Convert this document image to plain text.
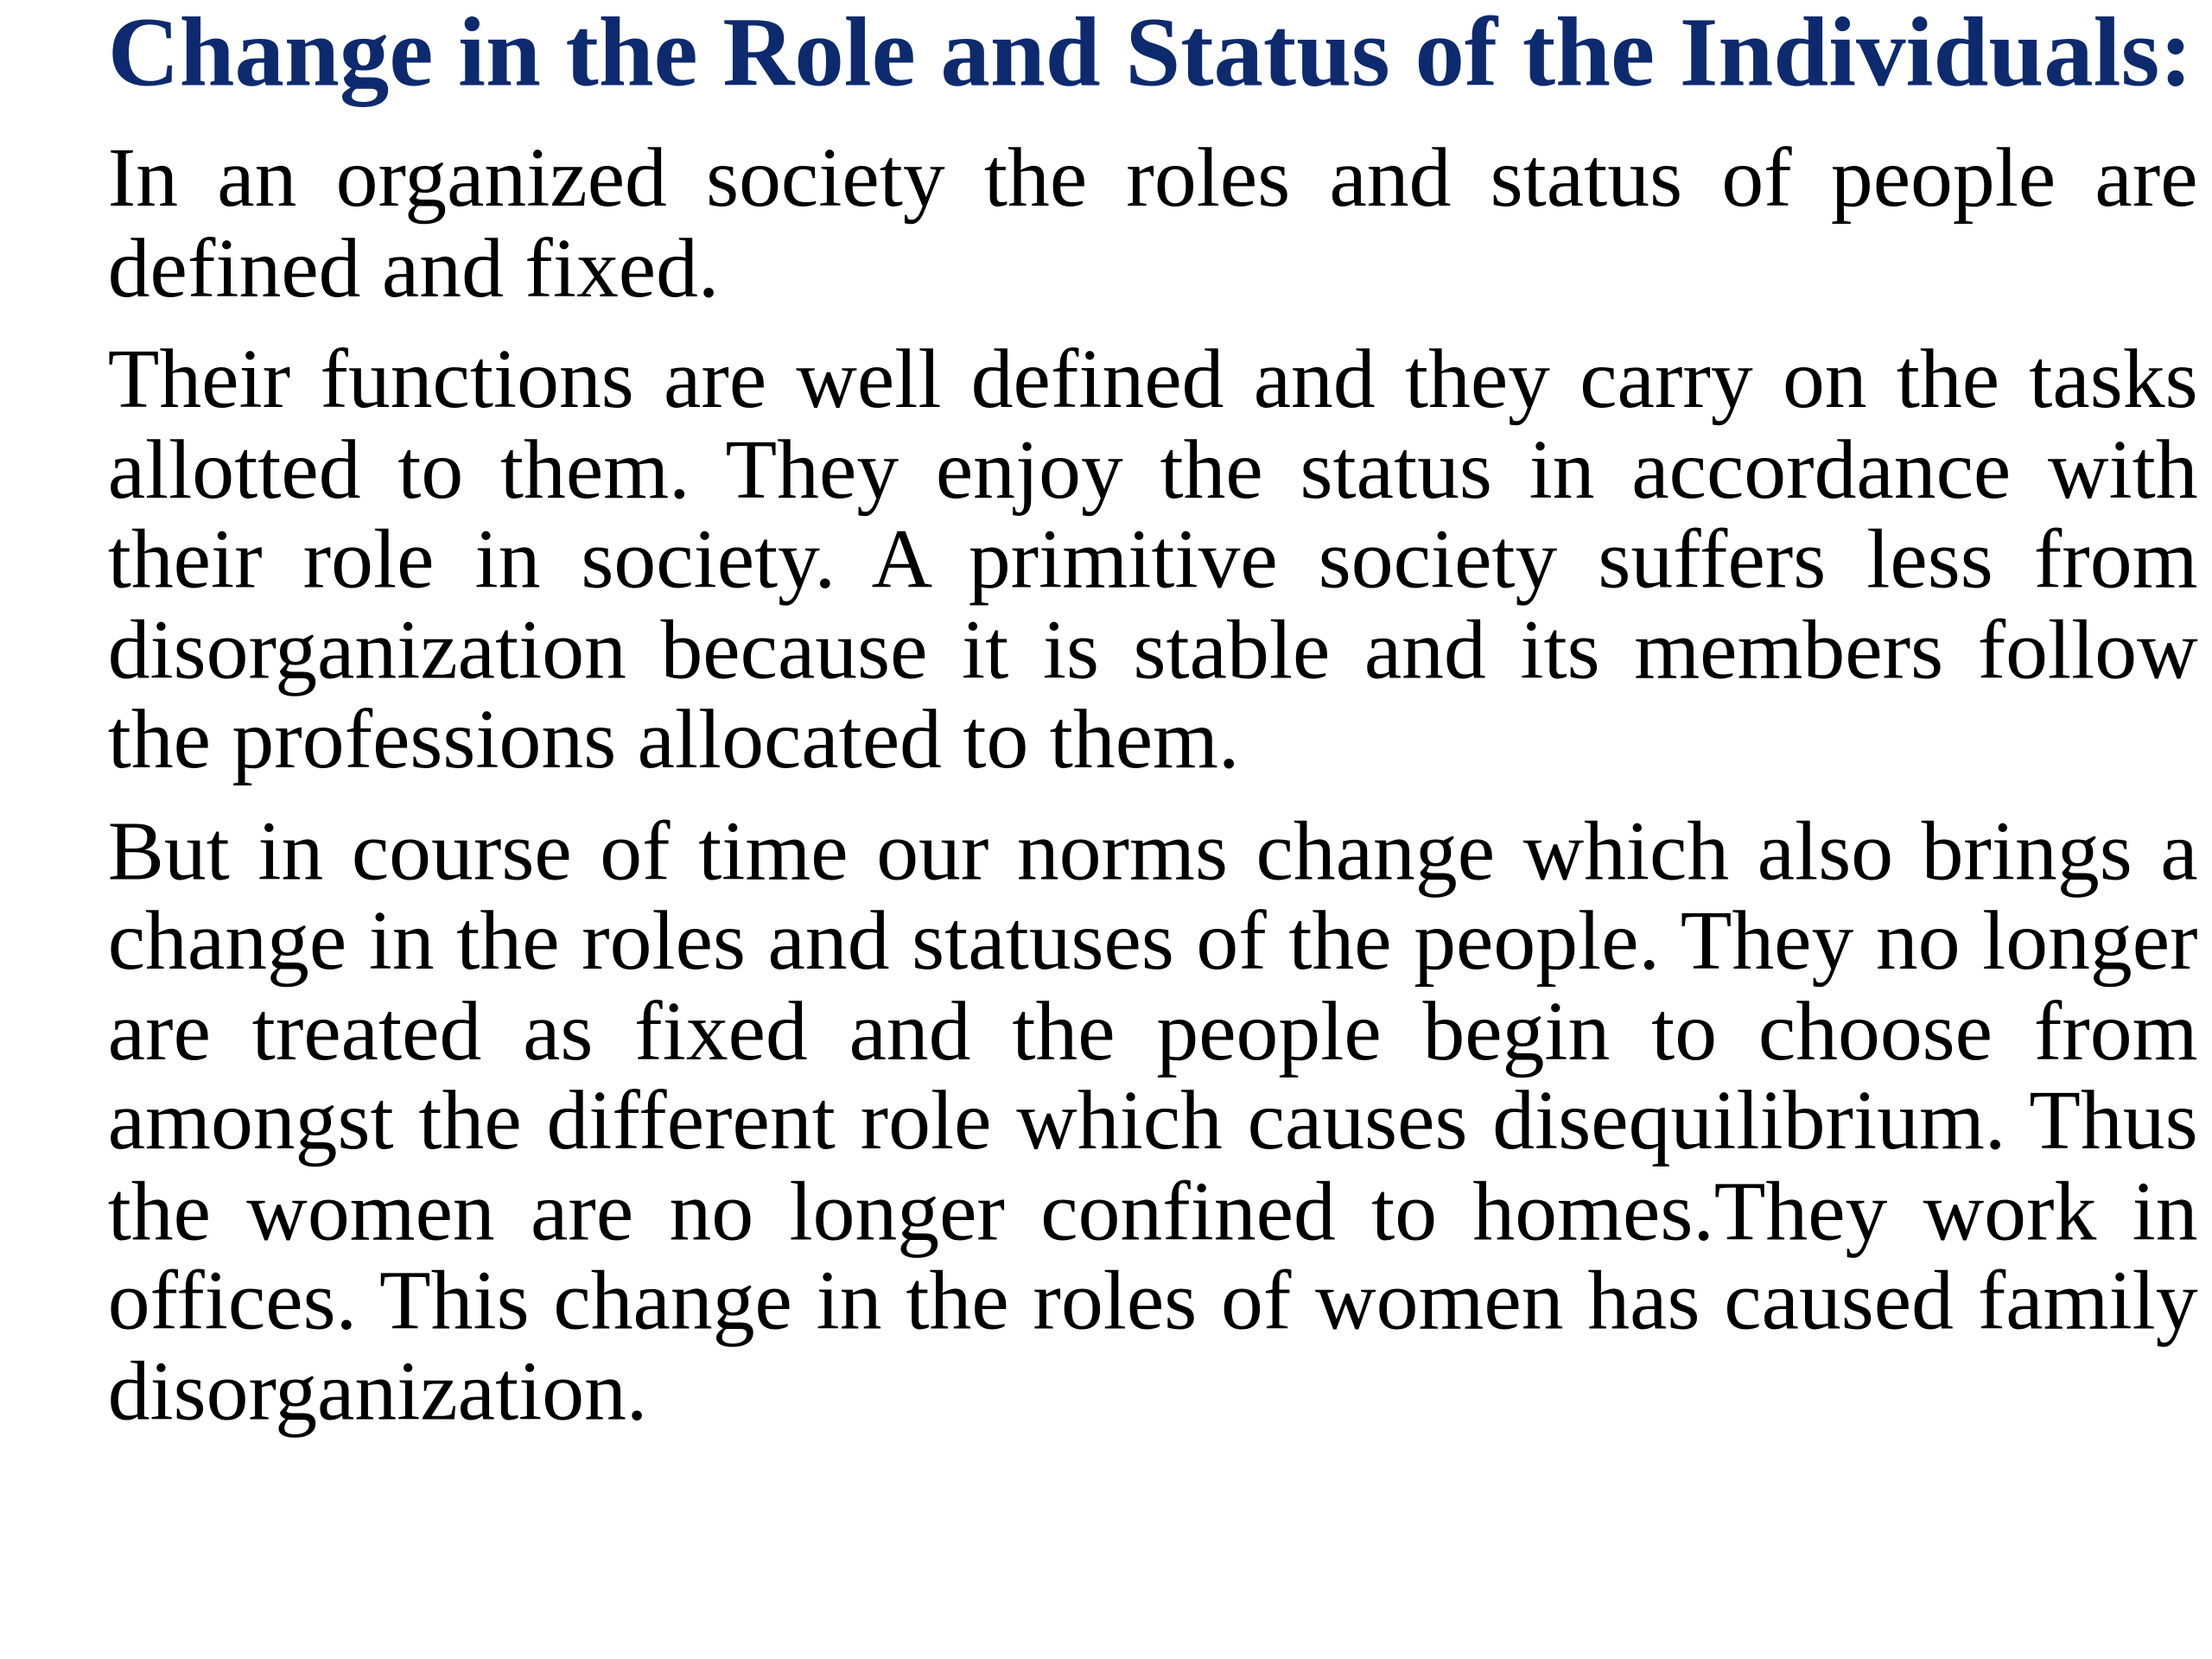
Change in the Role and Status of the Individuals:

In an organized society the roles and status of people are defined and fixed.

Their functions are well defined and they carry on the tasks allotted to them. They enjoy the status in accordance with their role in society. A primitive society suffers less from disorganization because it is stable and its members follow the professions allocated to them.

But in course of time our norms change which also brings a change in the roles and statuses of the people. They no longer are treated as fixed and the people begin to choose from amongst the different role which causes disequilibrium. Thus the women are no longer confined to homes.They work in offices. This change in the roles of women has caused family disorganization.
